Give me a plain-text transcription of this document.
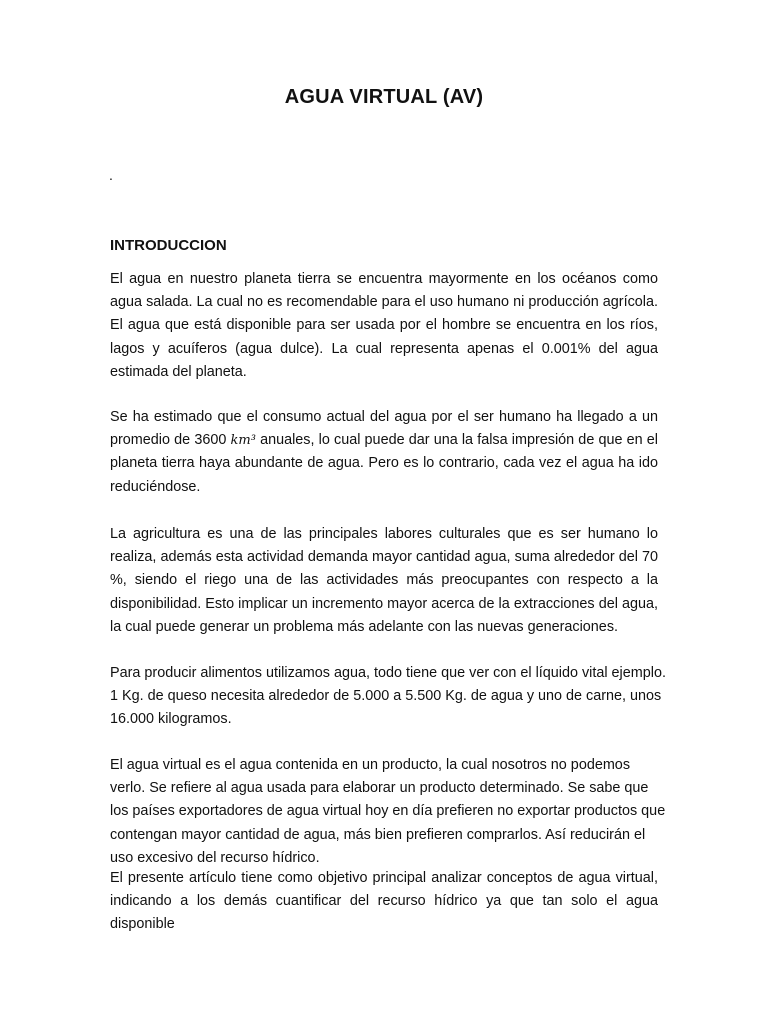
AGUA VIRTUAL (AV)
.
INTRODUCCION

El agua en nuestro planeta tierra se encuentra mayormente en los océanos como agua salada. La cual no es recomendable para el uso humano ni producción agrícola. El agua que está disponible para ser usada por el hombre se encuentra en los ríos, lagos y acuíferos (agua dulce). La cual representa apenas el 0.001% del agua estimada del planeta.

Se ha estimado que el consumo actual del agua por el ser humano ha llegado a un promedio de 3600 km³ anuales, lo cual puede dar una la falsa impresión de que en el planeta tierra haya abundante de agua. Pero es lo contrario, cada vez el agua ha ido reduciéndose.

La agricultura es una de las principales labores culturales que es ser humano lo realiza, además esta actividad demanda mayor cantidad agua, suma alrededor del 70 %, siendo el riego una de las actividades más preocupantes con respecto a la disponibilidad. Esto implicar un incremento mayor acerca de la extracciones del agua, la cual puede generar un problema más adelante con las nuevas generaciones.

Para producir alimentos utilizamos agua, todo tiene que ver con el líquido vital ejemplo.
1 Kg. de queso necesita alrededor de 5.000 a 5.500 Kg. de agua y uno de carne, unos
16.000 kilogramos.

El agua virtual es el agua contenida en un producto, la cual nosotros no podemos
verlo. Se refiere al agua usada para elaborar un producto determinado. Se sabe que
los países exportadores de agua virtual hoy en día prefieren no exportar productos que
contengan mayor cantidad de agua, más bien prefieren comprarlos. Así reducirán el
uso excesivo del recurso hídrico.

El presente artículo tiene como objetivo principal analizar conceptos de agua virtual,
indicando a los demás cuantificar del recurso hídrico ya que tan solo el agua disponible
